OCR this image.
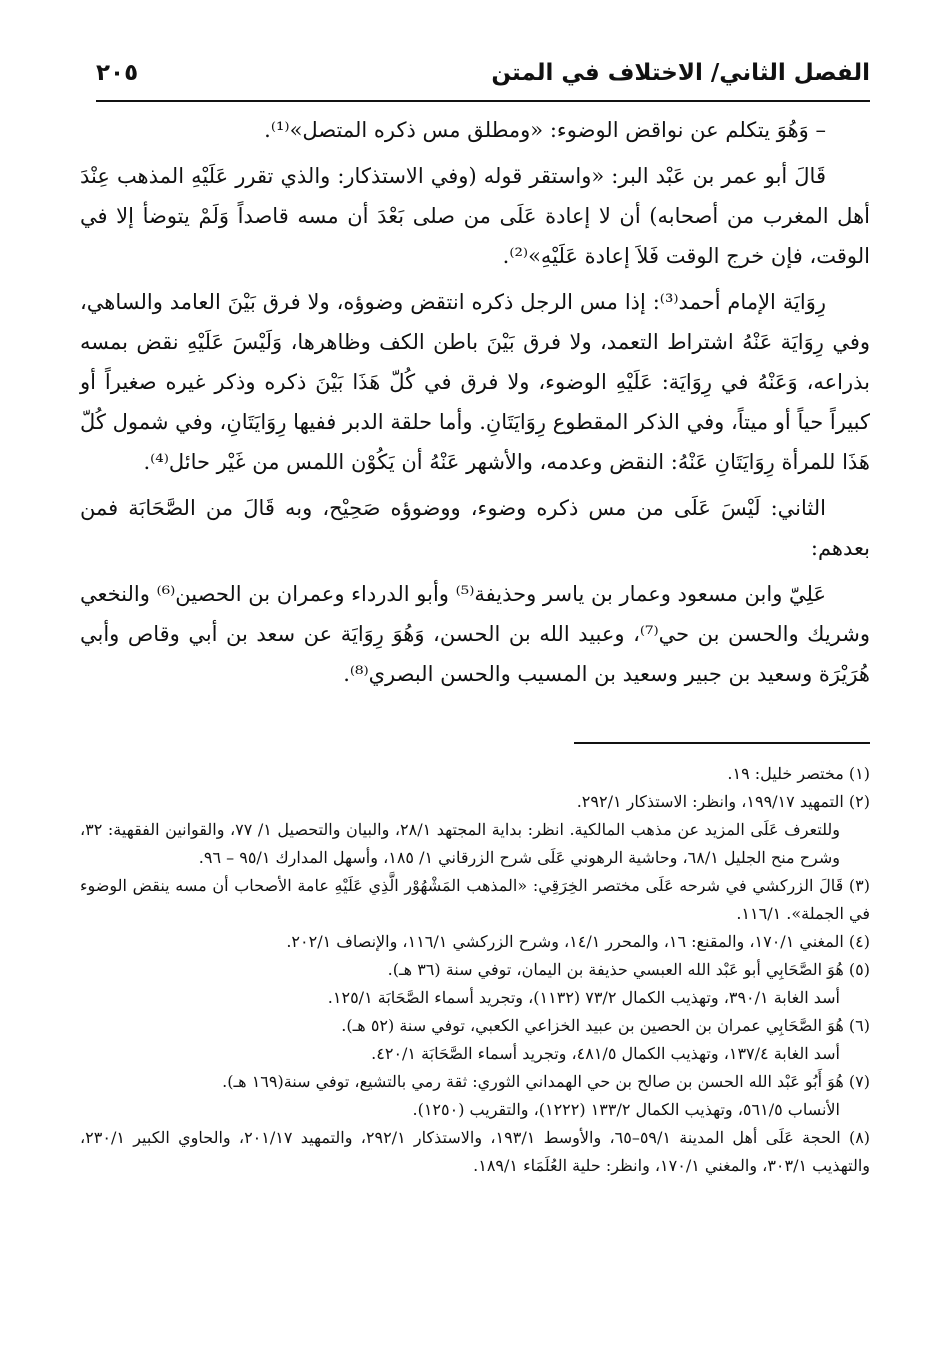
الفصل الثاني/ الاختلاف في المتن
٢٠٥

– وَهُوَ يتكلم عن نواقض الوضوء: «ومطلق مس ذكره المتصل»⁽¹⁾.

قَالَ أبو عمر بن عَبْد البر: «واستقر قوله (وفي الاستذكار: والذي تقرر عَلَيْهِ المذهب عِنْدَ أهل المغرب من أصحابه) أن لا إعادة عَلَى من صلى بَعْدَ أن مسه قاصداً وَلَمْ يتوضأ إلا في الوقت، فإن خرج الوقت فَلاَ إعادة عَلَيْهِ»⁽²⁾.

رِوَايَة الإمام أحمد⁽³⁾: إذا مس الرجل ذكره انتقض وضوؤه، ولا فرق بَيْنَ العامد والساهي، وفي رِوَايَة عَنْهُ اشتراط التعمد، ولا فرق بَيْنَ باطن الكف وظاهرها، وَلَيْسَ عَلَيْهِ نقض بمسه بذراعه، وَعَنْهُ في رِوَايَة: عَلَيْهِ الوضوء، ولا فرق في كُلّ هَذَا بَيْنَ ذكره وذكر غيره صغيراً أو كبيراً حياً أو ميتاً، وفي الذكر المقطوع رِوَايَتَانِ. وأما حلقة الدبر ففيها رِوَايَتَانِ، وفي شمول كُلّ هَذَا للمرأة رِوَايَتَانِ عَنْهُ: النقض وعدمه، والأشهر عَنْهُ أن يَكُوْن اللمس من غَيْر حائل⁽⁴⁾.

الثاني: لَيْسَ عَلَى من مس ذكره وضوء، ووضوؤه صَحِيْح، وبه قَالَ من الصَّحَابَة فمن بعدهم:

عَلِيّ وابن مسعود وعمار بن ياسر وحذيفة⁽⁵⁾ وأبو الدرداء وعمران بن الحصين⁽⁶⁾ والنخعي وشريك والحسن بن حي⁽⁷⁾، وعبيد الله بن الحسن، وَهُوَ رِوَايَة عن سعد بن أبي وقاص وأبي هُرَيْرَة وسعيد بن جبير وسعيد بن المسيب والحسن البصري⁽⁸⁾.

(١) مختصر خليل: ١٩.

(٢) التمهيد ١٩٩/١٧، وانظر: الاستذكار ٢٩٢/١.

وللتعرف عَلَى المزيد عن مذهب المالكية. انظر: بداية المجتهد ٢٨/١، والبيان والتحصيل ١/ ٧٧، والقوانين الفقهية: ٣٢، وشرح منح الجليل ٦٨/١، وحاشية الرهوني عَلَى شرح الزرقاني ١/ ١٨٥، وأسهل المدارك ٩٥/١ – ٩٦.

(٣) قَالَ الزركشي في شرحه عَلَى مختصر الخِرَقِي: «المذهب المَشْهُوْر الَّذِي عَلَيْهِ عامة الأصحاب أن مسه ينقض الوضوء في الجملة». ١١٦/١.

(٤) المغني ١٧٠/١، والمقنع: ١٦، والمحرر ١٤/١، وشرح الزركشي ١١٦/١، والإنصاف ٢٠٢/١.

(٥) هُوَ الصَّحَابِي أبو عَبْد الله العبسي حذيفة بن اليمان، توفي سنة (٣٦ هـ).

أسد الغابة ٣٩٠/١، وتهذيب الكمال ٧٣/٢ (١١٣٢)، وتجريد أسماء الصَّحَابَة ١٢٥/١.

(٦) هُوَ الصَّحَابِي عمران بن الحصين بن عبيد الخزاعي الكعبي، توفي سنة (٥٢ هـ).

أسد الغابة ١٣٧/٤، وتهذيب الكمال ٤٨١/٥، وتجريد أسماء الصَّحَابَة ٤٢٠/١.

(٧) هُوَ أَبُو عَبْد الله الحسن بن صالح بن حي الهمداني الثوري: ثقة رمي بالتشيع، توفي سنة(١٦٩ هـ).

الأنساب ٥٦١/٥، وتهذيب الكمال ١٣٣/٢ (١٢٢٢)، والتقريب (١٢٥٠).

(٨) الحجة عَلَى أهل المدينة ٥٩/١–٦٥، والأوسط ١٩٣/١، والاستذكار ٢٩٢/١، والتمهيد ٢٠١/١٧، والحاوي الكبير ٢٣٠/١، والتهذيب ٣٠٣/١، والمغني ١٧٠/١، وانظر: حلية العُلَمَاء ١٨٩/١.
